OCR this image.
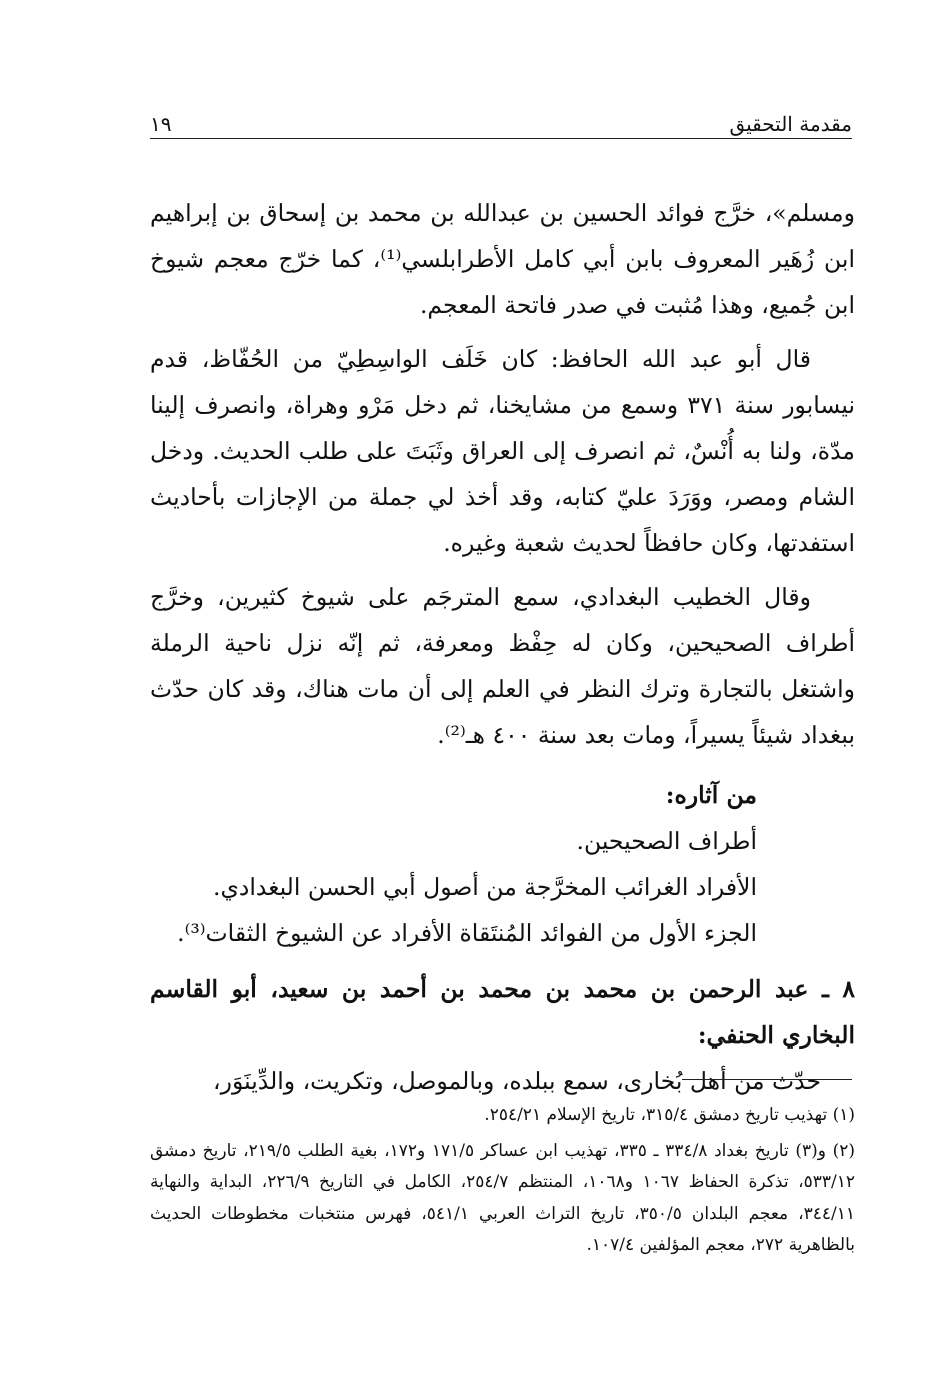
مقدمة التحقيق
١٩

ومسلم»، خرَّج فوائد الحسين بن عبدالله بن محمد بن إسحاق بن إبراهيم ابن زُهَير المعروف بابن أبي كامل الأطرابلسي⁽¹⁾، كما خرّج معجم شيوخ ابن جُميع، وهذا مُثبت في صدر فاتحة المعجم.

قال أبو عبد الله الحافظ: كان خَلَف الواسِطِيّ من الحُفّاظ، قدم نيسابور سنة ٣٧١ وسمع من مشايخنا، ثم دخل مَرْو وهراة، وانصرف إلينا مدّة، ولنا به أُنْسٌ، ثم انصرف إلى العراق وثَبَتَ على طلب الحديث. ودخل الشام ومصر، ووَرَدَ عليّ كتابه، وقد أخذ لي جملة من الإجازات بأحاديث استفدتها، وكان حافظاً لحديث شعبة وغيره.

وقال الخطيب البغدادي، سمع المترجَم على شيوخ كثيرين، وخرَّج أطراف الصحيحين، وكان له حِفْظ ومعرفة، ثم إنّه نزل ناحية الرملة واشتغل بالتجارة وترك النظر في العلم إلى أن مات هناك، وقد كان حدّث ببغداد شيئاً يسيراً، ومات بعد سنة ٤٠٠ هـ⁽²⁾.

من آثاره:

أطراف الصحيحين.

الأفراد الغرائب المخرَّجة من أصول أبي الحسن البغدادي.

الجزء الأول من الفوائد المُنتَقاة الأفراد عن الشيوخ الثقات⁽³⁾.

٨ ـ عبد الرحمن بن محمد بن محمد بن أحمد بن سعيد، أبو القاسم البخاري الحنفي:

حدّث من أهل بُخارى، سمع ببلده، وبالموصل، وتكريت، والدِّينَوَر،

(١) تهذيب تاريخ دمشق ٣١٥/٤، تاريخ الإسلام ٢٥٤/٢١.

(٢) و(٣) تاريخ بغداد ٣٣٤/٨ ـ ٣٣٥، تهذيب ابن عساكر ١٧١/٥ و١٧٢، بغية الطلب ٢١٩/٥، تاريخ دمشق ٥٣٣/١٢، تذكرة الحفاظ ١٠٦٧ و١٠٦٨، المنتظم ٢٥٤/٧، الكامل في التاريخ ٢٢٦/٩، البداية والنهاية ٣٤٤/١١، معجم البلدان ٣٥٠/٥، تاريخ التراث العربي ٥٤١/١، فهرس منتخبات مخطوطات الحديث بالظاهرية ٢٧٢، معجم المؤلفين ١٠٧/٤.
